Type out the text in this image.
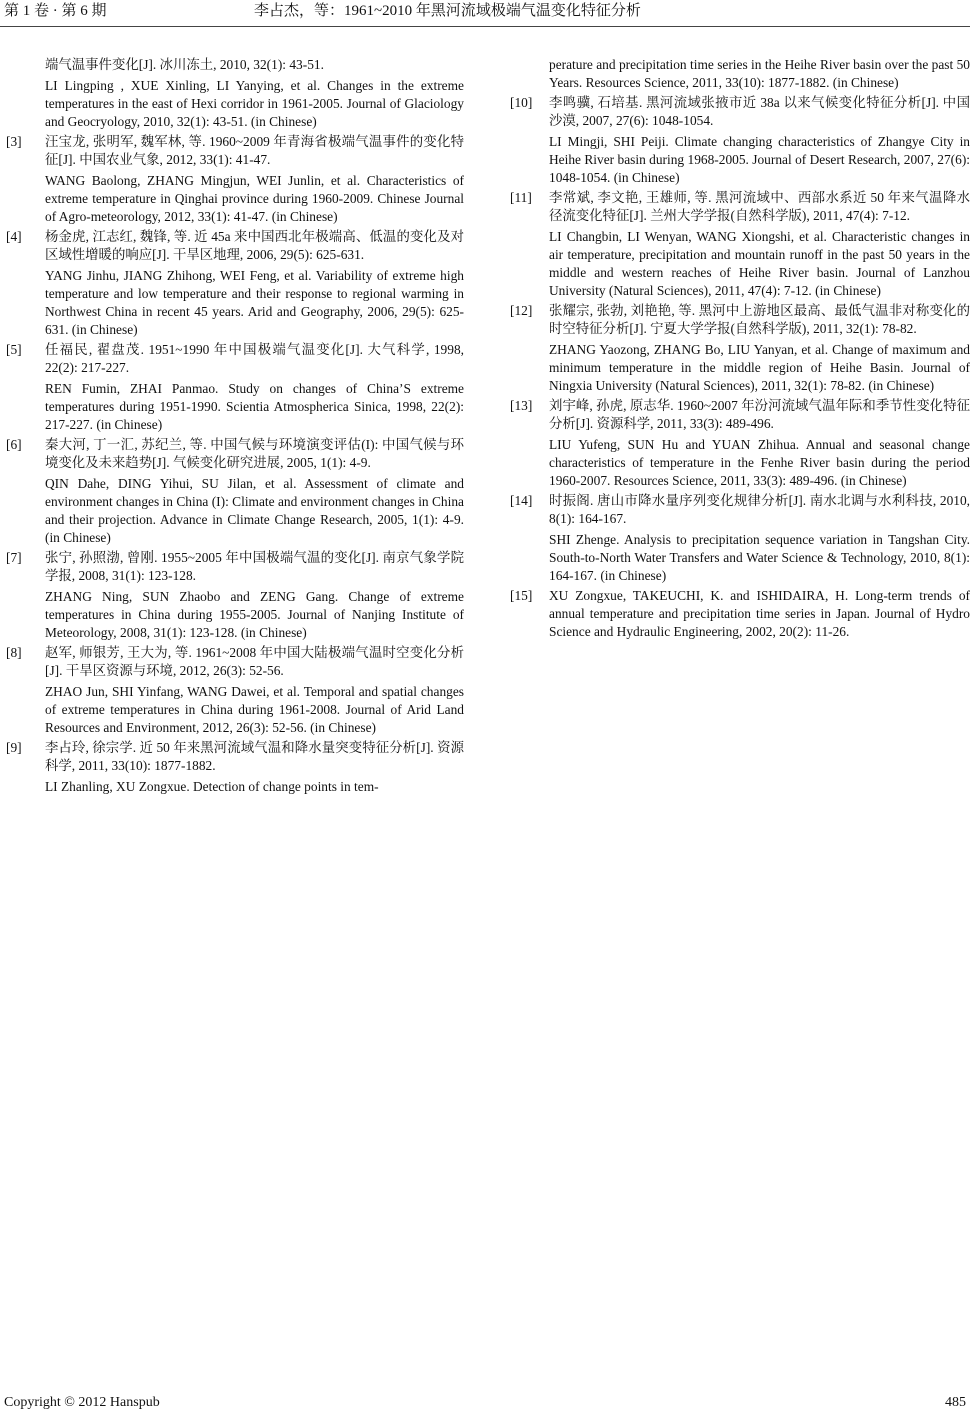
第 1 卷 · 第 6 期	李占杰，等：1961~2010 年黑河流域极端气温变化特征分析
端气温事件变化[J]. 冰川冻土, 2010, 32(1): 43-51.
LI Lingping , XUE Xinling, LI Yanying, et al. Changes in the extreme temperatures in the east of Hexi corridor in 1961-2005. Journal of Glaciology and Geocryology, 2010, 32(1): 43-51. (in Chinese)
[3] 汪宝龙, 张明军, 魏军林, 等. 1960~2009 年青海省极端气温事件的变化特征[J]. 中国农业气象, 2012, 33(1): 41-47.
WANG Baolong, ZHANG Mingjun, WEI Junlin, et al. Characteristics of extreme temperature in Qinghai province during 1960-2009. Chinese Journal of Agro-meteorology, 2012, 33(1): 41-47. (in Chinese)
[4] 杨金虎, 江志红, 魏锋, 等. 近 45a 来中国西北年极端高、低温的变化及对区域性增暖的响应[J]. 干旱区地理, 2006, 29(5): 625-631.
YANG Jinhu, JIANG Zhihong, WEI Feng, et al. Variability of extreme high temperature and low temperature and their response to regional warming in Northwest China in recent 45 years. Arid and Geography, 2006, 29(5): 625-631. (in Chinese)
[5] 任福民, 翟盘茂. 1951~1990 年中国极端气温变化[J]. 大气科学, 1998, 22(2): 217-227.
REN Fumin, ZHAI Panmao. Study on changes of China’S extreme temperatures during 1951-1990. Scientia Atmospherica Sinica, 1998, 22(2): 217-227. (in Chinese)
[6] 秦大河, 丁一汇, 苏纪兰, 等. 中国气候与环境演变评估(I): 中国气候与环境变化及未来趋势[J]. 气候变化研究进展, 2005, 1(1): 4-9.
QIN Dahe, DING Yihui, SU Jilan, et al. Assessment of climate and environment changes in China (I): Climate and environment changes in China and their projection. Advance in Climate Change Research, 2005, 1(1): 4-9. (in Chinese)
[7] 张宁, 孙照渤, 曾刚. 1955~2005 年中国极端气温的变化[J]. 南京气象学院学报, 2008, 31(1): 123-128.
ZHANG Ning, SUN Zhaobo and ZENG Gang. Change of extreme temperatures in China during 1955-2005. Journal of Nanjing Institute of Meteorology, 2008, 31(1): 123-128. (in Chinese)
[8] 赵军, 师银芳, 王大为, 等. 1961~2008 年中国大陆极端气温时空变化分析[J]. 干旱区资源与环境, 2012, 26(3): 52-56.
ZHAO Jun, SHI Yinfang, WANG Dawei, et al. Temporal and spatial changes of extreme temperatures in China during 1961-2008. Journal of Arid Land Resources and Environment, 2012, 26(3): 52-56. (in Chinese)
[9] 李占玲, 徐宗学. 近 50 年来黑河流域气温和降水量突变特征分析[J]. 资源科学, 2011, 33(10): 1877-1882.
LI Zhanling, XU Zongxue. Detection of change points in tem-
perature and precipitation time series in the Heihe River basin over the past 50 Years. Resources Science, 2011, 33(10): 1877-1882. (in Chinese)
[10] 李鸣骥, 石培基. 黑河流域张掖市近 38a 以来气候变化特征分析[J]. 中国沙漠, 2007, 27(6): 1048-1054.
LI Mingji, SHI Peiji. Climate changing characteristics of Zhangye City in Heihe River basin during 1968-2005. Journal of Desert Research, 2007, 27(6): 1048-1054. (in Chinese)
[11] 李常斌, 李文艳, 王雄师, 等. 黑河流域中、西部水系近 50 年来气温降水径流变化特征[J]. 兰州大学学报(自然科学版), 2011, 47(4): 7-12.
LI Changbin, LI Wenyan, WANG Xiongshi, et al. Characteristic changes in air temperature, precipitation and mountain runoff in the past 50 years in the middle and western reaches of Heihe River basin. Journal of Lanzhou University (Natural Sciences), 2011, 47(4): 7-12. (in Chinese)
[12] 张耀宗, 张勃, 刘艳艳, 等. 黑河中上游地区最高、最低气温非对称变化的时空特征分析[J]. 宁夏大学学报(自然科学版), 2011, 32(1): 78-82.
ZHANG Yaozong, ZHANG Bo, LIU Yanyan, et al. Change of maximum and minimum temperature in the middle region of Heihe Basin. Journal of Ningxia University (Natural Sciences), 2011, 32(1): 78-82. (in Chinese)
[13] 刘宇峰, 孙虎, 原志华. 1960~2007 年汾河流域气温年际和季节性变化特征分析[J]. 资源科学, 2011, 33(3): 489-496.
LIU Yufeng, SUN Hu and YUAN Zhihua. Annual and seasonal change characteristics of temperature in the Fenhe River basin during the period 1960-2007. Resources Science, 2011, 33(3): 489-496. (in Chinese)
[14] 时振阁. 唐山市降水量序列变化规律分析[J]. 南水北调与水利科技, 2010, 8(1): 164-167.
SHI Zhenge. Analysis to precipitation sequence variation in Tangshan City. South-to-North Water Transfers and Water Science & Technology, 2010, 8(1): 164-167. (in Chinese)
[15] XU Zongxue, TAKEUCHI, K. and ISHIDAIRA, H. Long-term trends of annual temperature and precipitation time series in Japan. Journal of Hydro Science and Hydraulic Engineering, 2002, 20(2): 11-26.
Copyright © 2012 Hanspub	485
